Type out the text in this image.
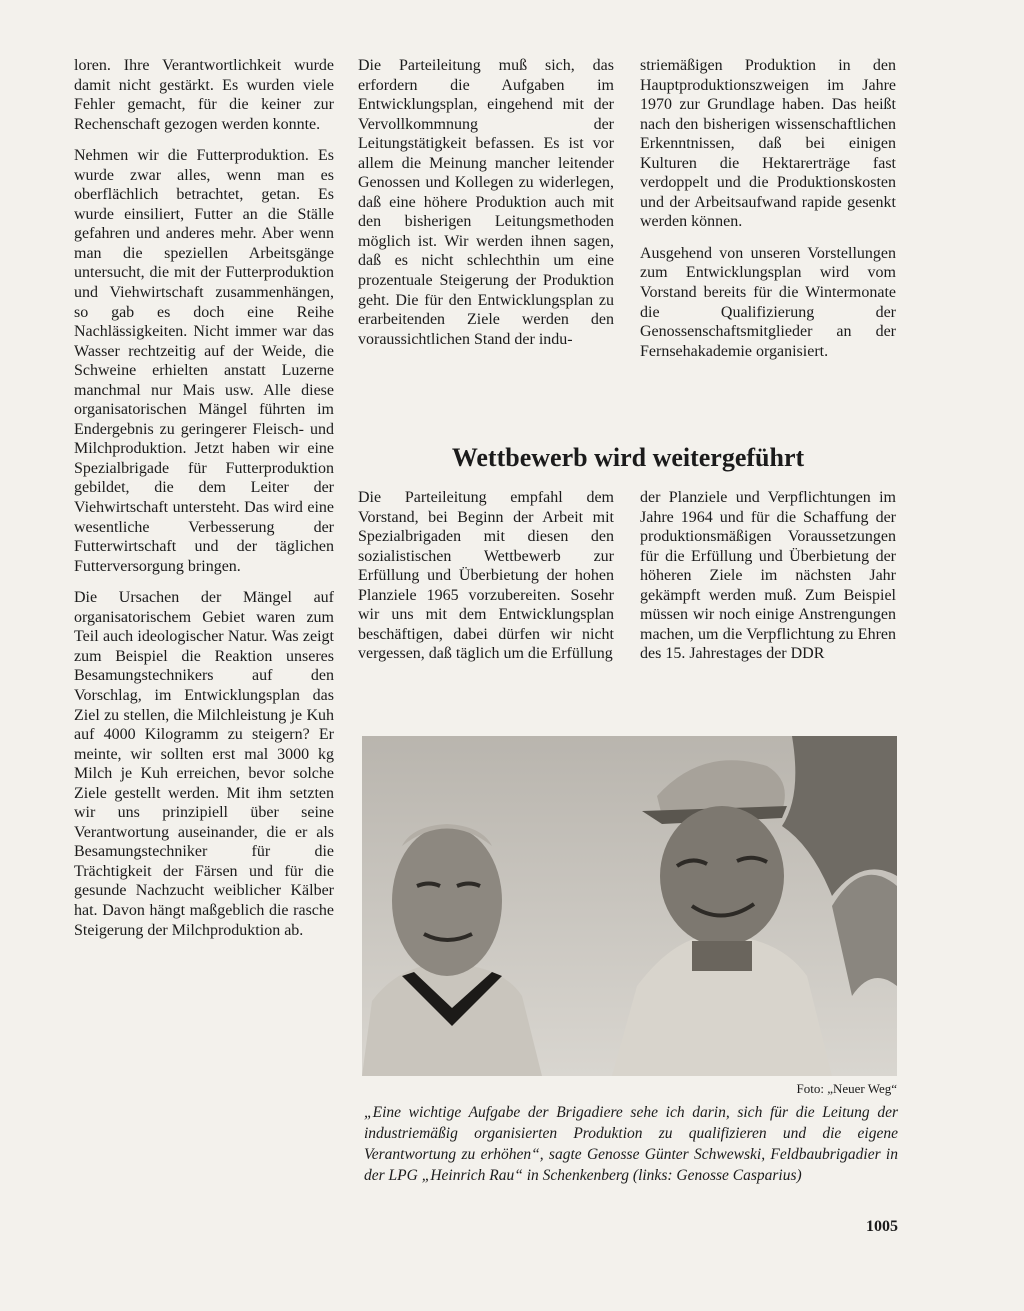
loren. Ihre Verantwortlichkeit wurde damit nicht gestärkt. Es wurden viele Fehler gemacht, für die keiner zur Rechenschaft gezogen werden konnte.

Nehmen wir die Futterproduktion. Es wurde zwar alles, wenn man es oberflächlich betrachtet, getan. Es wurde einsiliert, Futter an die Ställe gefahren und anderes mehr. Aber wenn man die speziellen Arbeitsgänge untersucht, die mit der Futterproduktion und Viehwirtschaft zusammenhängen, so gab es doch eine Reihe Nachlässigkeiten. Nicht immer war das Wasser rechtzeitig auf der Weide, die Schweine erhielten anstatt Luzerne manchmal nur Mais usw. Alle diese organisatorischen Mängel führten im Endergebnis zu geringerer Fleisch- und Milchproduktion. Jetzt haben wir eine Spezialbrigade für Futterproduktion gebildet, die dem Leiter der Viehwirtschaft untersteht. Das wird eine wesentliche Verbesserung der Futterwirtschaft und der täglichen Futterversorgung bringen.

Die Ursachen der Mängel auf organisatorischem Gebiet waren zum Teil auch ideologischer Natur. Was zeigt zum Beispiel die Reaktion unseres Besamungstechnikers auf den Vorschlag, im Entwicklungsplan das Ziel zu stellen, die Milchleistung je Kuh auf 4000 Kilogramm zu steigern? Er meinte, wir sollten erst mal 3000 kg Milch je Kuh erreichen, bevor solche Ziele gestellt werden. Mit ihm setzten wir uns prinzipiell über seine Verantwortung auseinander, die er als Besamungstechniker für die Trächtigkeit der Färsen und für die gesunde Nachzucht weiblicher Kälber hat. Davon hängt maßgeblich die rasche Steigerung der Milchproduktion ab.

Die Parteileitung muß sich, das erfordern die Aufgaben im Entwicklungsplan, eingehend mit der Vervollkommnung der Leitungstätigkeit befassen. Es ist vor allem die Meinung mancher leitender Genossen und Kollegen zu widerlegen, daß eine höhere Produktion auch mit den bisherigen Leitungsmethoden möglich ist. Wir werden ihnen sagen, daß es nicht schlechthin um eine prozentuale Steigerung der Produktion geht. Die für den Entwicklungsplan zu erarbeitenden Ziele werden den voraussichtlichen Stand der indu-

striemäßigen Produktion in den Hauptproduktionszweigen im Jahre 1970 zur Grundlage haben. Das heißt nach den bisherigen wissenschaftlichen Erkenntnissen, daß bei einigen Kulturen die Hektarerträge fast verdoppelt und die Produktionskosten und der Arbeitsaufwand rapide gesenkt werden können.

Ausgehend von unseren Vorstellungen zum Entwicklungsplan wird vom Vorstand bereits für die Wintermonate die Qualifizierung der Genossenschaftsmitglieder an der Fernsehakademie organisiert.

Wettbewerb wird weitergeführt

Die Parteileitung empfahl dem Vorstand, bei Beginn der Arbeit mit Spezialbrigaden mit diesen den sozialistischen Wettbewerb zur Erfüllung und Überbietung der hohen Planziele 1965 vorzubereiten. Sosehr wir uns mit dem Entwicklungsplan beschäftigen, dabei dürfen wir nicht vergessen, daß täglich um die Erfüllung

der Planziele und Verpflichtungen im Jahre 1964 und für die Schaffung der produktionsmäßigen Voraussetzungen für die Erfüllung und Überbietung der höheren Ziele im nächsten Jahr gekämpft werden muß. Zum Beispiel müssen wir noch einige Anstrengungen machen, um die Verpflichtung zu Ehren des 15. Jahrestages der DDR

Foto: „Neuer Weg“

„Eine wichtige Aufgabe der Brigadiere sehe ich darin, sich für die Leitung der industriemäßig organisierten Produktion zu qualifizieren und die eigene Verantwortung zu erhöhen“, sagte Genosse Günter Schwewski, Feldbaubrigadier in der LPG „Heinrich Rau“ in Schenkenberg (links: Genosse Casparius)

1005
